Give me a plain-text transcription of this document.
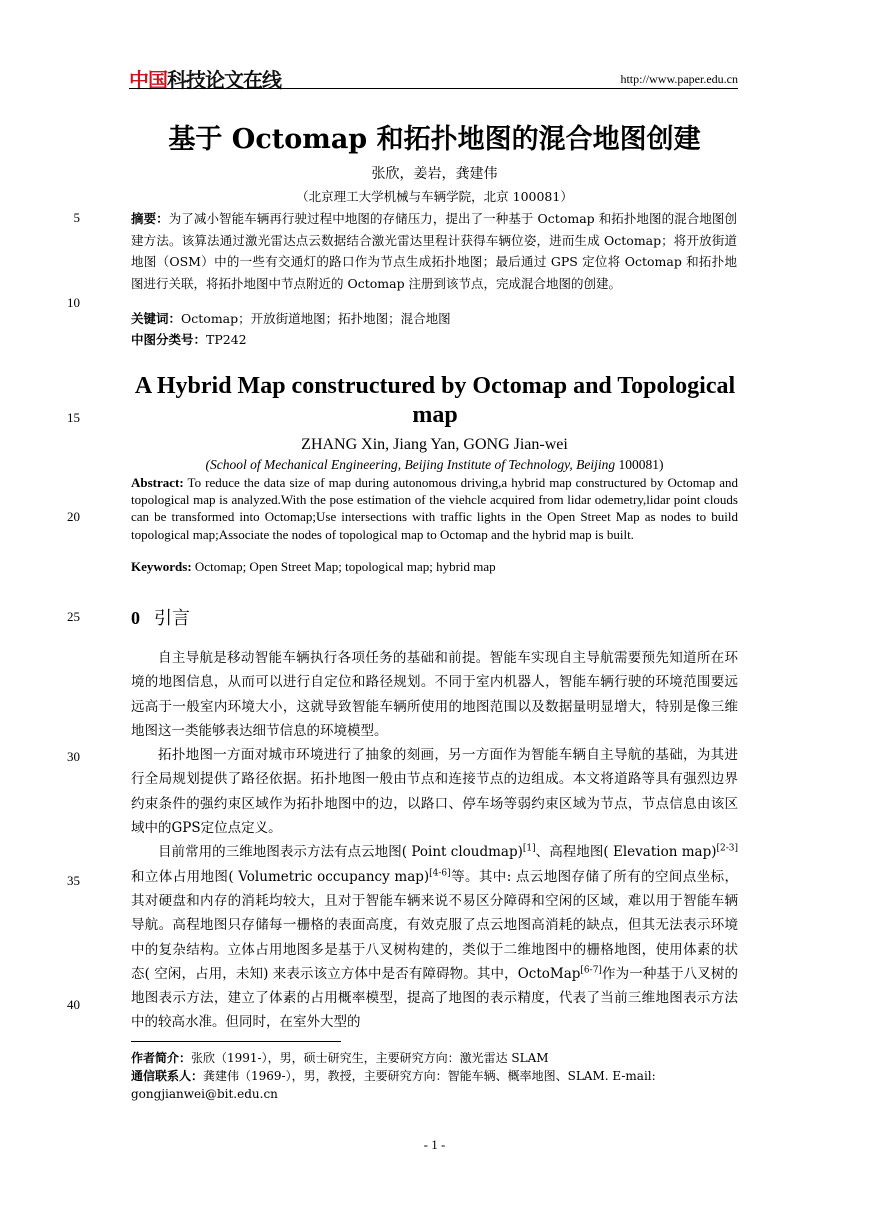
中国科技论文在线	http://www.paper.edu.cn
5
10
15
20
25
30
35
40
基于 Octomap 和拓扑地图的混合地图创建
张欣，姜岩，龚建伟
（北京理工大学机械与车辆学院，北京 100081）
摘要：为了减小智能车辆再行驶过程中地图的存储压力，提出了一种基于 Octomap 和拓扑地图的混合地图创建方法。该算法通过激光雷达点云数据结合激光雷达里程计获得车辆位姿，进而生成 Octomap；将开放街道地图（OSM）中的一些有交通灯的路口作为节点生成拓扑地图；最后通过 GPS 定位将 Octomap 和拓扑地图进行关联，将拓扑地图中节点附近的 Octomap 注册到该节点，完成混合地图的创建。
关键词：Octomap；开放街道地图；拓扑地图；混合地图
中图分类号：TP242
A Hybrid Map constructured by Octomap and Topological map
ZHANG Xin, Jiang Yan, GONG Jian-wei
(School of Mechanical Engineering, Beijing Institute of Technology, Beijing 100081)
Abstract: To reduce the data size of map during autonomous driving,a hybrid map constructured by Octomap and topological map is analyzed.With the pose estimation of the viehcle acquired from lidar odemetry,lidar point clouds can be transformed into Octomap;Use intersections with traffic lights in the Open Street Map as nodes to build topological map;Associate the nodes of topological map to Octomap and the hybrid map is built.
Keywords: Octomap; Open Street Map; topological map; hybrid map
0 引言

自主导航是移动智能车辆执行各项任务的基础和前提。智能车实现自主导航需要预先知道所在环境的地图信息，从而可以进行自定位和路径规划。不同于室内机器人，智能车辆行驶的环境范围要远远高于一般室内环境大小，这就导致智能车辆所使用的地图范围以及数据量明显增大，特别是像三维地图这一类能够表达细节信息的环境模型。

拓扑地图一方面对城市环境进行了抽象的刻画，另一方面作为智能车辆自主导航的基础，为其进行全局规划提供了路径依据。拓扑地图一般由节点和连接节点的边组成。本文将道路等具有强烈边界约束条件的强约束区域作为拓扑地图中的边，以路口、停车场等弱约束区域为节点，节点信息由该区域中的GPS定位点定义。

目前常用的三维地图表示方法有点云地图( Point cloudmap)[1]、高程地图( Elevation map)[2-3]和立体占用地图( Volumetric occupancy map)[4-6]等。其中: 点云地图存储了所有的空间点坐标，其对硬盘和内存的消耗均较大，且对于智能车辆来说不易区分障碍和空闲的区域，难以用于智能车辆导航。高程地图只存储每一栅格的表面高度，有效克服了点云地图高消耗的缺点，但其无法表示环境中的复杂结构。立体占用地图多是基于八叉树构建的，类似于二维地图中的栅格地图，使用体素的状态( 空闲，占用，未知) 来表示该立方体中是否有障碍物。其中，OctoMap[6-7]作为一种基于八叉树的地图表示方法，建立了体素的占用概率模型，提高了地图的表示精度，代表了当前三维地图表示方法中的较高水准。但同时，在室外大型的

作者简介：张欣（1991-），男，硕士研究生，主要研究方向：激光雷达 SLAM
通信联系人：龚建伟（1969-），男，教授，主要研究方向：智能车辆、概率地图、SLAM. E-mail: gongjianwei@bit.edu.cn
- 1 -
